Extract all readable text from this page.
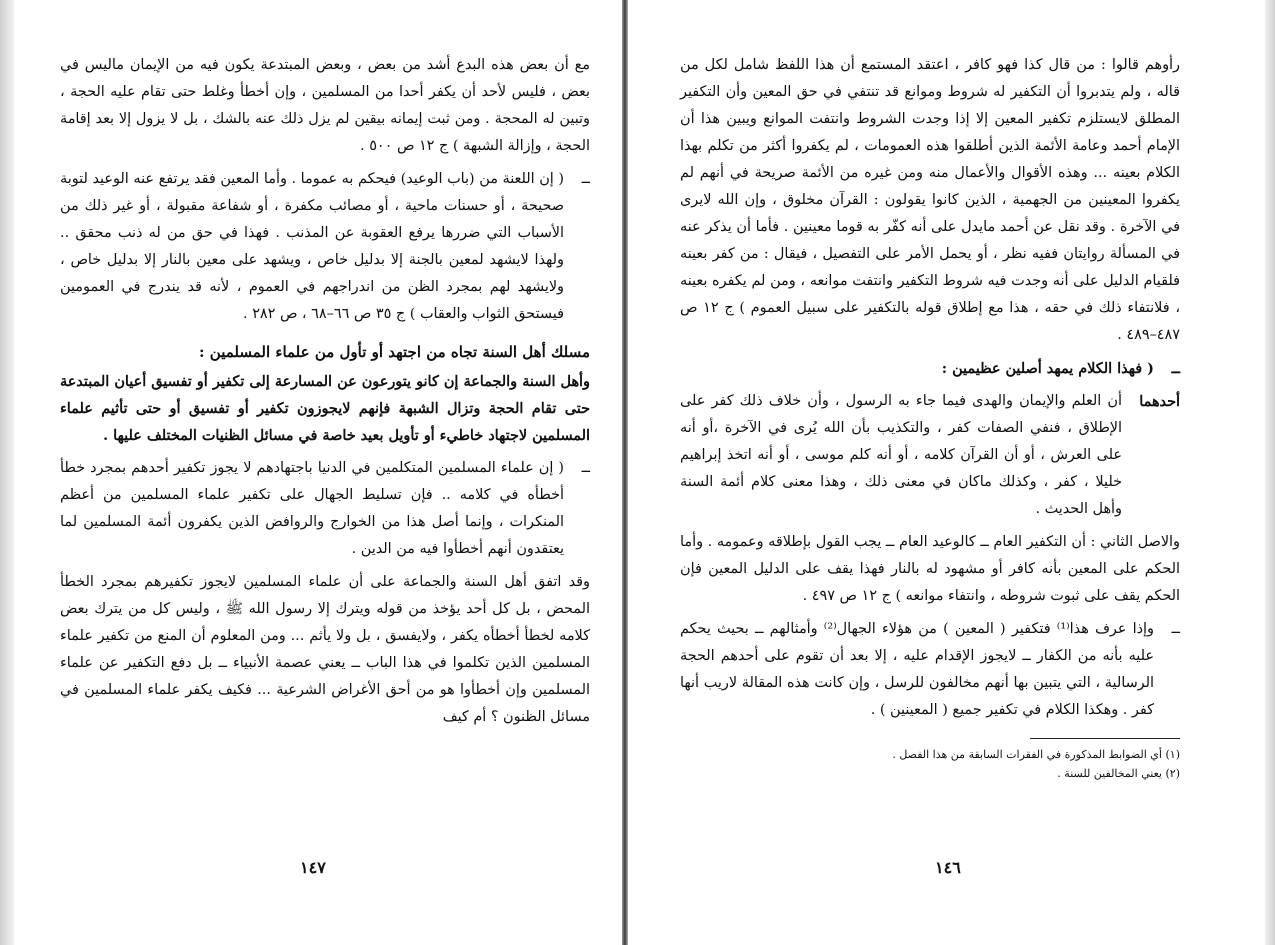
مع أن بعض هذه البدع أشد من بعض ، وبعض المبتدعة يكون فيه من الإيمان ماليس في بعض ، فليس لأحد أن يكفر أحدا من المسلمين ، وإن أخطأ وغلط حتى تقام عليه الحجة ، وتبين له المحجة . ومن ثبت إيمانه بيقين لم يزل ذلك عنه بالشك ، بل لا يزول إلا بعد إقامة الحجة ، وإزالة الشبهة ) ج ١٢ ص ٥٠٠ .

ــ
( إن اللعنة من (باب الوعيد) فيحكم به عموما . وأما المعين فقد يرتفع عنه الوعيد لتوبة صحيحة ، أو حسنات ماحية ، أو مصائب مكفرة ، أو شفاعة مقبولة ، أو غير ذلك من الأسباب التي ضررها يرفع العقوبة عن المذنب . فهذا في حق من له ذنب محقق .. ولهذا لايشهد لمعين بالجنة إلا بدليل خاص ، ويشهد على معين بالنار إلا بدليل خاص ، ولايشهد لهم بمجرد الظن من اندراجهم في العموم ، لأنه قد يندرج في العمومين فيستحق الثواب والعقاب ) ج ٣٥ ص ٦٦–٦٨ ، ص ٢٨٢ .
مسلك أهل السنة تجاه من اجتهد أو تأول من علماء المسلمين :

وأهل السنة والجماعة إن كانو يتورعون عن المسارعة إلى تكفير أو تفسيق أعيان المبتدعة حتى تقام الحجة وتزال الشبهة فإنهم لايجوزون تكفير أو تفسيق أو حتى تأثيم علماء المسلمين لاجتهاد خاطيء أو تأويل بعيد خاصة في مسائل الظنيات المختلف عليها .

ــ
( إن علماء المسلمين المتكلمين في الدنيا باجتهادهم لا يجوز تكفير أحدهم بمجرد خطأ أخطأه في كلامه .. فإن تسليط الجهال على تكفير علماء المسلمين من أعظم المنكرات ، وإنما أصل هذا من الخوارج والروافض الذين يكفرون أئمة المسلمين لما يعتقدون أنهم أخطأوا فيه من الدين .

وقد اتفق أهل السنة والجماعة على أن علماء المسلمين لايجوز تكفيرهم بمجرد الخطأ المحض ، بل كل أحد يؤخذ من قوله ويترك إلا رسول الله ﷺ ، وليس كل من يترك بعض كلامه لخطأ أخطأه يكفر ، ولايفسق ، بل ولا يأثم ... ومن المعلوم أن المنع من تكفير علماء المسلمين الذين تكلموا في هذا الباب ــ يعني عصمة الأنبياء ــ بل دفع التكفير عن علماء المسلمين وإن أخطأوا هو من أحق الأغراض الشرعية ... فكيف يكفر علماء المسلمين في مسائل الظنون ؟ أم كيف

١٤٧

رأوهم قالوا : من قال كذا فهو كافر ، اعتقد المستمع أن هذا اللفظ شامل لكل من قاله ، ولم يتدبروا أن التكفير له شروط وموانع قد تنتفي في حق المعين وأن التكفير المطلق لايستلزم تكفير المعين إلا إذا وجدت الشروط وانتفت الموانع ويبين هذا أن الإمام أحمد وعامة الأئمة الذين أطلقوا هذه العمومات ، لم يكفروا أكثر من تكلم بهذا الكلام بعينه ... وهذه الأقوال والأعمال منه ومن غيره من الأئمة صريحة في أنهم لم يكفروا المعينين من الجهمية ، الذين كانوا يقولون : القرآن مخلوق ، وإن الله لايرى في الآخرة . وقد نقل عن أحمد مايدل على أنه كفّر به قوما معينين . فأما أن يذكر عنه في المسألة روايتان ففيه نظر ، أو يحمل الأمر على التفصيل ، فيقال : من كفر بعينه فلقيام الدليل على أنه وجدت فيه شروط التكفير وانتفت موانعه ، ومن لم يكفره بعينه ، فلانتفاء ذلك في حقه ، هذا مع إطلاق قوله بالتكفير على سبيل العموم ) ج ١٢ ص ٤٨٧–٤٨٩ .

ــ
( فهذا الكلام يمهد أصلين عظيمين :
أحدهما
أن العلم والإيمان والهدى فيما جاء به الرسول ، وأن خلاف ذلك كفر على الإطلاق ، فنفي الصفات كفر ، والتكذيب بأن الله يُرى في الآخرة ،أو أنه على العرش ، أو أن القرآن كلامه ، أو أنه كلم موسى ، أو أنه اتخذ إبراهيم خليلا ، كفر ، وكذلك ماكان في معنى ذلك ، وهذا معنى كلام أئمة السنة وأهل الحديث .

والاصل الثاني : أن التكفير العام ــ كالوعيد العام ــ يجب القول بإطلاقه وعمومه . وأما الحكم على المعين بأنه كافر أو مشهود له بالنار فهذا يقف على الدليل المعين فإن الحكم يقف على ثبوت شروطه ، وانتفاء موانعه ) ج ١٢ ص ٤٩٧ .

ــ
وإذا عرف هذا⁽¹⁾ فتكفير ( المعين ) من هؤلاء الجهال⁽²⁾ وأمثالهم ــ بحيث يحكم عليه بأنه من الكفار ــ لايجوز الإقدام عليه ، إلا بعد أن تقوم على أحدهم الحجة الرسالية ، التي يتبين بها أنهم مخالفون للرسل ، وإن كانت هذه المقالة لاريب أنها كفر . وهكذا الكلام في تكفير جميع ( المعينين ) .
(١) أي الضوابط المذكورة في الفقرات السابقة من هذا الفصل .
(٢) يعني المخالفين للسنة .
١٤٦
